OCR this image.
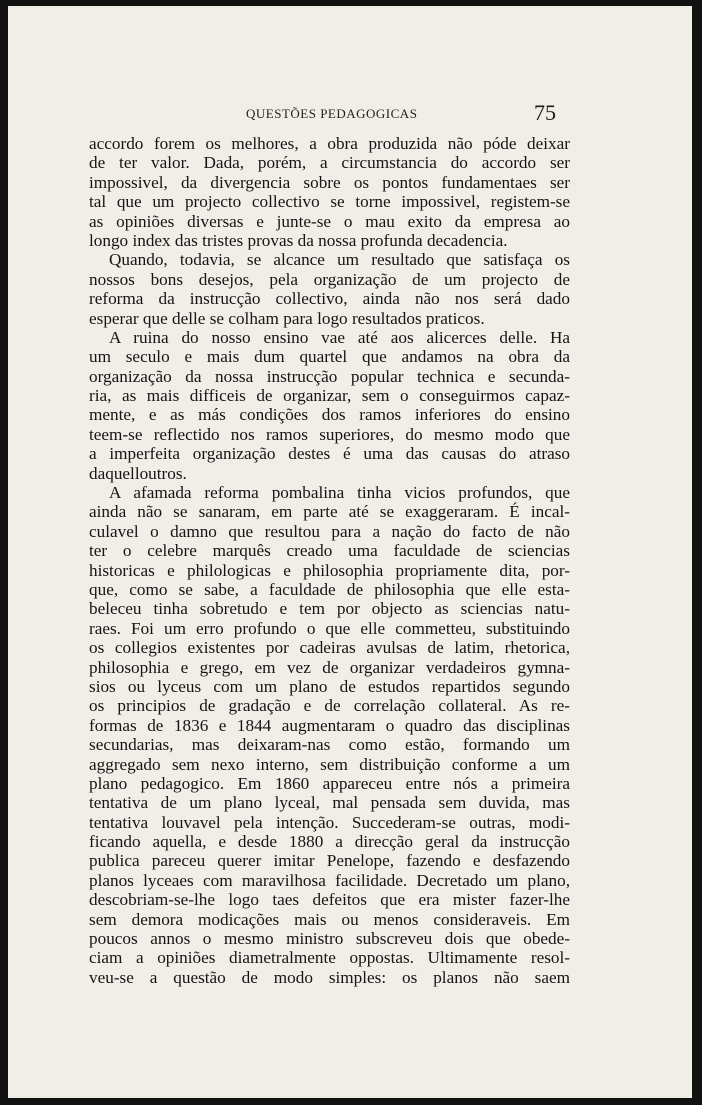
QUESTÕES PEDAGOGICAS	75
accordo forem os melhores, a obra produzida não póde deixar
de ter valor. Dada, porém, a circumstancia do accordo ser
impossivel, da divergencia sobre os pontos fundamentaes ser
tal que um projecto collectivo se torne impossivel, registem-se
as opiniões diversas e junte-se o mau exito da empresa ao
longo index das tristes provas da nossa profunda decadencia.
Quando, todavia, se alcance um resultado que satisfaça os
nossos bons desejos, pela organização de um projecto de
reforma da instrucção collectivo, ainda não nos será dado
esperar que delle se colham para logo resultados praticos.
A ruina do nosso ensino vae até aos alicerces delle. Ha
um seculo e mais dum quartel que andamos na obra da
organização da nossa instrucção popular technica e secunda-
ria, as mais difficeis de organizar, sem o conseguirmos capaz-
mente, e as más condições dos ramos inferiores do ensino
teem-se reflectido nos ramos superiores, do mesmo modo que
a imperfeita organização destes é uma das causas do atraso
daquelloutros.
A afamada reforma pombalina tinha vicios profundos, que
ainda não se sanaram, em parte até se exaggeraram. É incal-
culavel o damno que resultou para a nação do facto de não
ter o celebre marquês creado uma faculdade de sciencias
historicas e philologicas e philosophia propriamente dita, por-
que, como se sabe, a faculdade de philosophia que elle esta-
beleceu tinha sobretudo e tem por objecto as sciencias natu-
raes. Foi um erro profundo o que elle commetteu, substituindo
os collegios existentes por cadeiras avulsas de latim, rhetorica,
philosophia e grego, em vez de organizar verdadeiros gymna-
sios ou lyceus com um plano de estudos repartidos segundo
os principios de gradação e de correlação collateral. As re-
formas de 1836 e 1844 augmentaram o quadro das disciplinas
secundarias, mas deixaram-nas como estão, formando um
aggregado sem nexo interno, sem distribuição conforme a um
plano pedagogico. Em 1860 appareceu entre nós a primeira
tentativa de um plano lyceal, mal pensada sem duvida, mas
tentativa louvavel pela intenção. Succederam-se outras, modi-
ficando aquella, e desde 1880 a direcção geral da instrucção
publica pareceu querer imitar Penelope, fazendo e desfazendo
planos lyceaes com maravilhosa facilidade. Decretado um plano,
descobriam-se-lhe logo taes defeitos que era mister fazer-lhe
sem demora modicações mais ou menos consideraveis. Em
poucos annos o mesmo ministro subscreveu dois que obede-
ciam a opiniões diametralmente oppostas. Ultimamente resol-
veu-se a questão de modo simples: os planos não saem
